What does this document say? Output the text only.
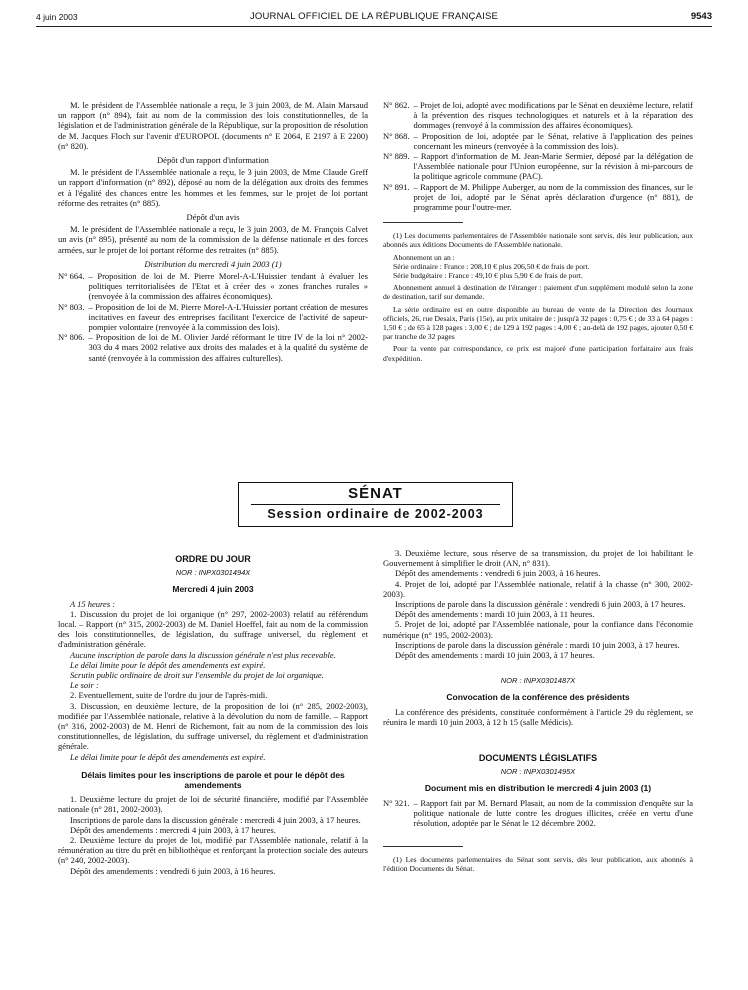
4 juin 2003	JOURNAL OFFICIEL DE LA RÉPUBLIQUE FRANÇAISE	9543

M. le président de l'Assemblée nationale a reçu, le 3 juin 2003, de M. Alain Marsaud un rapport (n° 894), fait au nom de la commission des lois constitutionnelles, de la législation et de l'administration générale de la République, sur la proposition de résolution de M. Jacques Floch sur l'avenir d'EUROPOL (documents n° E 2064, E 2197 à E 2200) (n° 820).

Dépôt d'un rapport d'information

M. le président de l'Assemblée nationale a reçu, le 3 juin 2003, de Mme Claude Greff un rapport d'information (n° 892), déposé au nom de la délégation aux droits des femmes et à l'égalité des chances entre les hommes et les femmes, sur le projet de loi portant réforme des retraites (n° 885).

Dépôt d'un avis

M. le président de l'Assemblée nationale a reçu, le 3 juin 2003, de M. François Calvet un avis (n° 895), présenté au nom de la commission de la défense nationale et des forces armées, sur le projet de loi portant réforme des retraites (n° 885).

Distribution du mercredi 4 juin 2003 (1)
N° 664. – Proposition de loi de M. Pierre Morel-A-L'Huissier tendant à évaluer les politiques territorialisées de l'Etat et à créer des « zones franches rurales » (renvoyée à la commission des affaires économiques).
N° 803. – Proposition de loi de M. Pierre Morel-A-L'Huissier portant création de mesures incitatives en faveur des entreprises facilitant l'exercice de l'activité de sapeur-pompier volontaire (renvoyée à la commission des lois).
N° 806. – Proposition de loi de M. Olivier Jardé réformant le titre IV de la loi n° 2002-303 du 4 mars 2002 relative aux droits des malades et à la qualité du système de santé (renvoyée à la commission des affaires culturelles).
N° 862. – Projet de loi, adopté avec modifications par le Sénat en deuxième lecture, relatif à la prévention des risques technologiques et naturels et à la réparation des dommages (renvoyé à la commission des affaires économiques).
N° 868. – Proposition de loi, adoptée par le Sénat, relative à l'application des peines concernant les mineurs (renvoyée à la commission des lois).
N° 889. – Rapport d'information de M. Jean-Marie Sermier, déposé par la délégation de l'Assemblée nationale pour l'Union européenne, sur la révision à mi-parcours de la politique agricole commune (PAC).
N° 891. – Rapport de M. Philippe Auberger, au nom de la commission des finances, sur le projet de loi, adopté par le Sénat après déclaration d'urgence (n° 881), de programme pour l'outre-mer.

(1) Les documents parlementaires de l'Assemblée nationale sont servis, dès leur publication, aux abonnés aux éditions Documents de l'Assemblée nationale.

Abonnement un an :

Série ordinaire : France : 208,10 € plus 206,50 € de frais de port.

Série budgétaire : France : 49,10 € plus 5,90 € de frais de port.

Abonnement annuel à destination de l'étranger : paiement d'un supplément modulé selon la zone de destination, tarif sur demande.

La série ordinaire est en outre disponible au bureau de vente de la Direction des Journaux officiels, 26, rue Desaix, Paris (15e), au prix unitaire de : jusqu'à 32 pages : 0,75 € ; de 33 à 64 pages : 1,50 € ; de 65 à 128 pages : 3,00 € ; de 129 à 192 pages : 4,00 € ; au-delà de 192 pages, ajouter 0,50 € par tranche de 32 pages

Pour la vente par correspondance, ce prix est majoré d'une participation forfaitaire aux frais d'expédition.

SÉNAT
Session ordinaire de 2002-2003
ORDRE DU JOUR
NOR : INPX0301494X
Mercredi 4 juin 2003

A 15 heures :

1. Discussion du projet de loi organique (n° 297, 2002-2003) relatif au référendum local. – Rapport (n° 315, 2002-2003) de M. Daniel Hoeffel, fait au nom de la commission des lois constitutionnelles, de législation, du suffrage universel, du règlement et d'administration générale.

Aucune inscription de parole dans la discussion générale n'est plus recevable.

Le délai limite pour le dépôt des amendements est expiré.

Scrutin public ordinaire de droit sur l'ensemble du projet de loi organique.

Le soir :

2. Eventuellement, suite de l'ordre du jour de l'après-midi.

3. Discussion, en deuxième lecture, de la proposition de loi (n° 285, 2002-2003), modifiée par l'Assemblée nationale, relative à la dévolution du nom de famille. – Rapport (n° 316, 2002-2003) de M. Henri de Richemont, fait au nom de la commission des lois constitutionnelles, de législation, du suffrage universel, du règlement et d'administration générale.

Le délai limite pour le dépôt des amendements est expiré.

Délais limites pour les inscriptions de parole et pour le dépôt des amendements

1. Deuxième lecture du projet de loi de sécurité financière, modifié par l'Assemblée nationale (n° 281, 2002-2003).

Inscriptions de parole dans la discussion générale : mercredi 4 juin 2003, à 17 heures.

Dépôt des amendements : mercredi 4 juin 2003, à 17 heures.

2. Deuxième lecture du projet de loi, modifié par l'Assemblée nationale, relatif à la rémunération au titre du prêt en bibliothèque et renforçant la protection sociale des auteurs (n° 240, 2002-2003).

Dépôt des amendements : vendredi 6 juin 2003, à 16 heures.

3. Deuxième lecture, sous réserve de sa transmission, du projet de loi habilitant le Gouvernement à simplifier le droit (AN, n° 831).

Dépôt des amendements : vendredi 6 juin 2003, à 16 heures.

4. Projet de loi, adopté par l'Assemblée nationale, relatif à la chasse (n° 300, 2002-2003).

Inscriptions de parole dans la discussion générale : vendredi 6 juin 2003, à 17 heures.

Dépôt des amendements : mardi 10 juin 2003, à 11 heures.

5. Projet de loi, adopté par l'Assemblée nationale, pour la confiance dans l'économie numérique (n° 195, 2002-2003).

Inscriptions de parole dans la discussion générale : mardi 10 juin 2003, à 17 heures.

Dépôt des amendements : mardi 10 juin 2003, à 17 heures.

NOR : INPX0301487X
Convocation de la conférence des présidents

La conférence des présidents, constituée conformément à l'article 29 du règlement, se réunira le mardi 10 juin 2003, à 12 h 15 (salle Médicis).

DOCUMENTS LÉGISLATIFS
NOR : INPX0301495X
Document mis en distribution le mercredi 4 juin 2003 (1)
N° 321. – Rapport fait par M. Bernard Plasait, au nom de la commission d'enquête sur la politique nationale de lutte contre les drogues illicites, créée en vertu d'une résolution, adoptée par le Sénat le 12 décembre 2002.

(1) Les documents parlementaires du Sénat sont servis, dès leur publication, aux abonnés à l'édition Documents du Sénat.
